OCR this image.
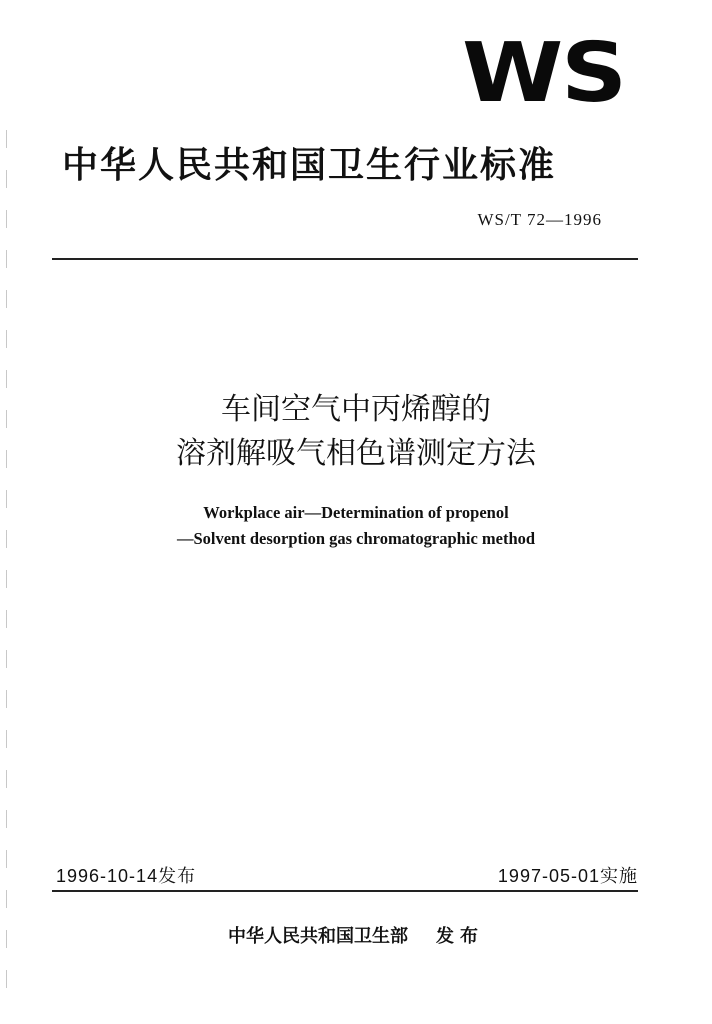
WS
中华人民共和国卫生行业标准
WS/T 72—1996
车间空气中丙烯醇的
溶剂解吸气相色谱测定方法
Workplace air—Determination of propenol
—Solvent desorption gas chromatographic method
1996-10-14发布	1997-05-01实施
中华人民共和国卫生部 发布
